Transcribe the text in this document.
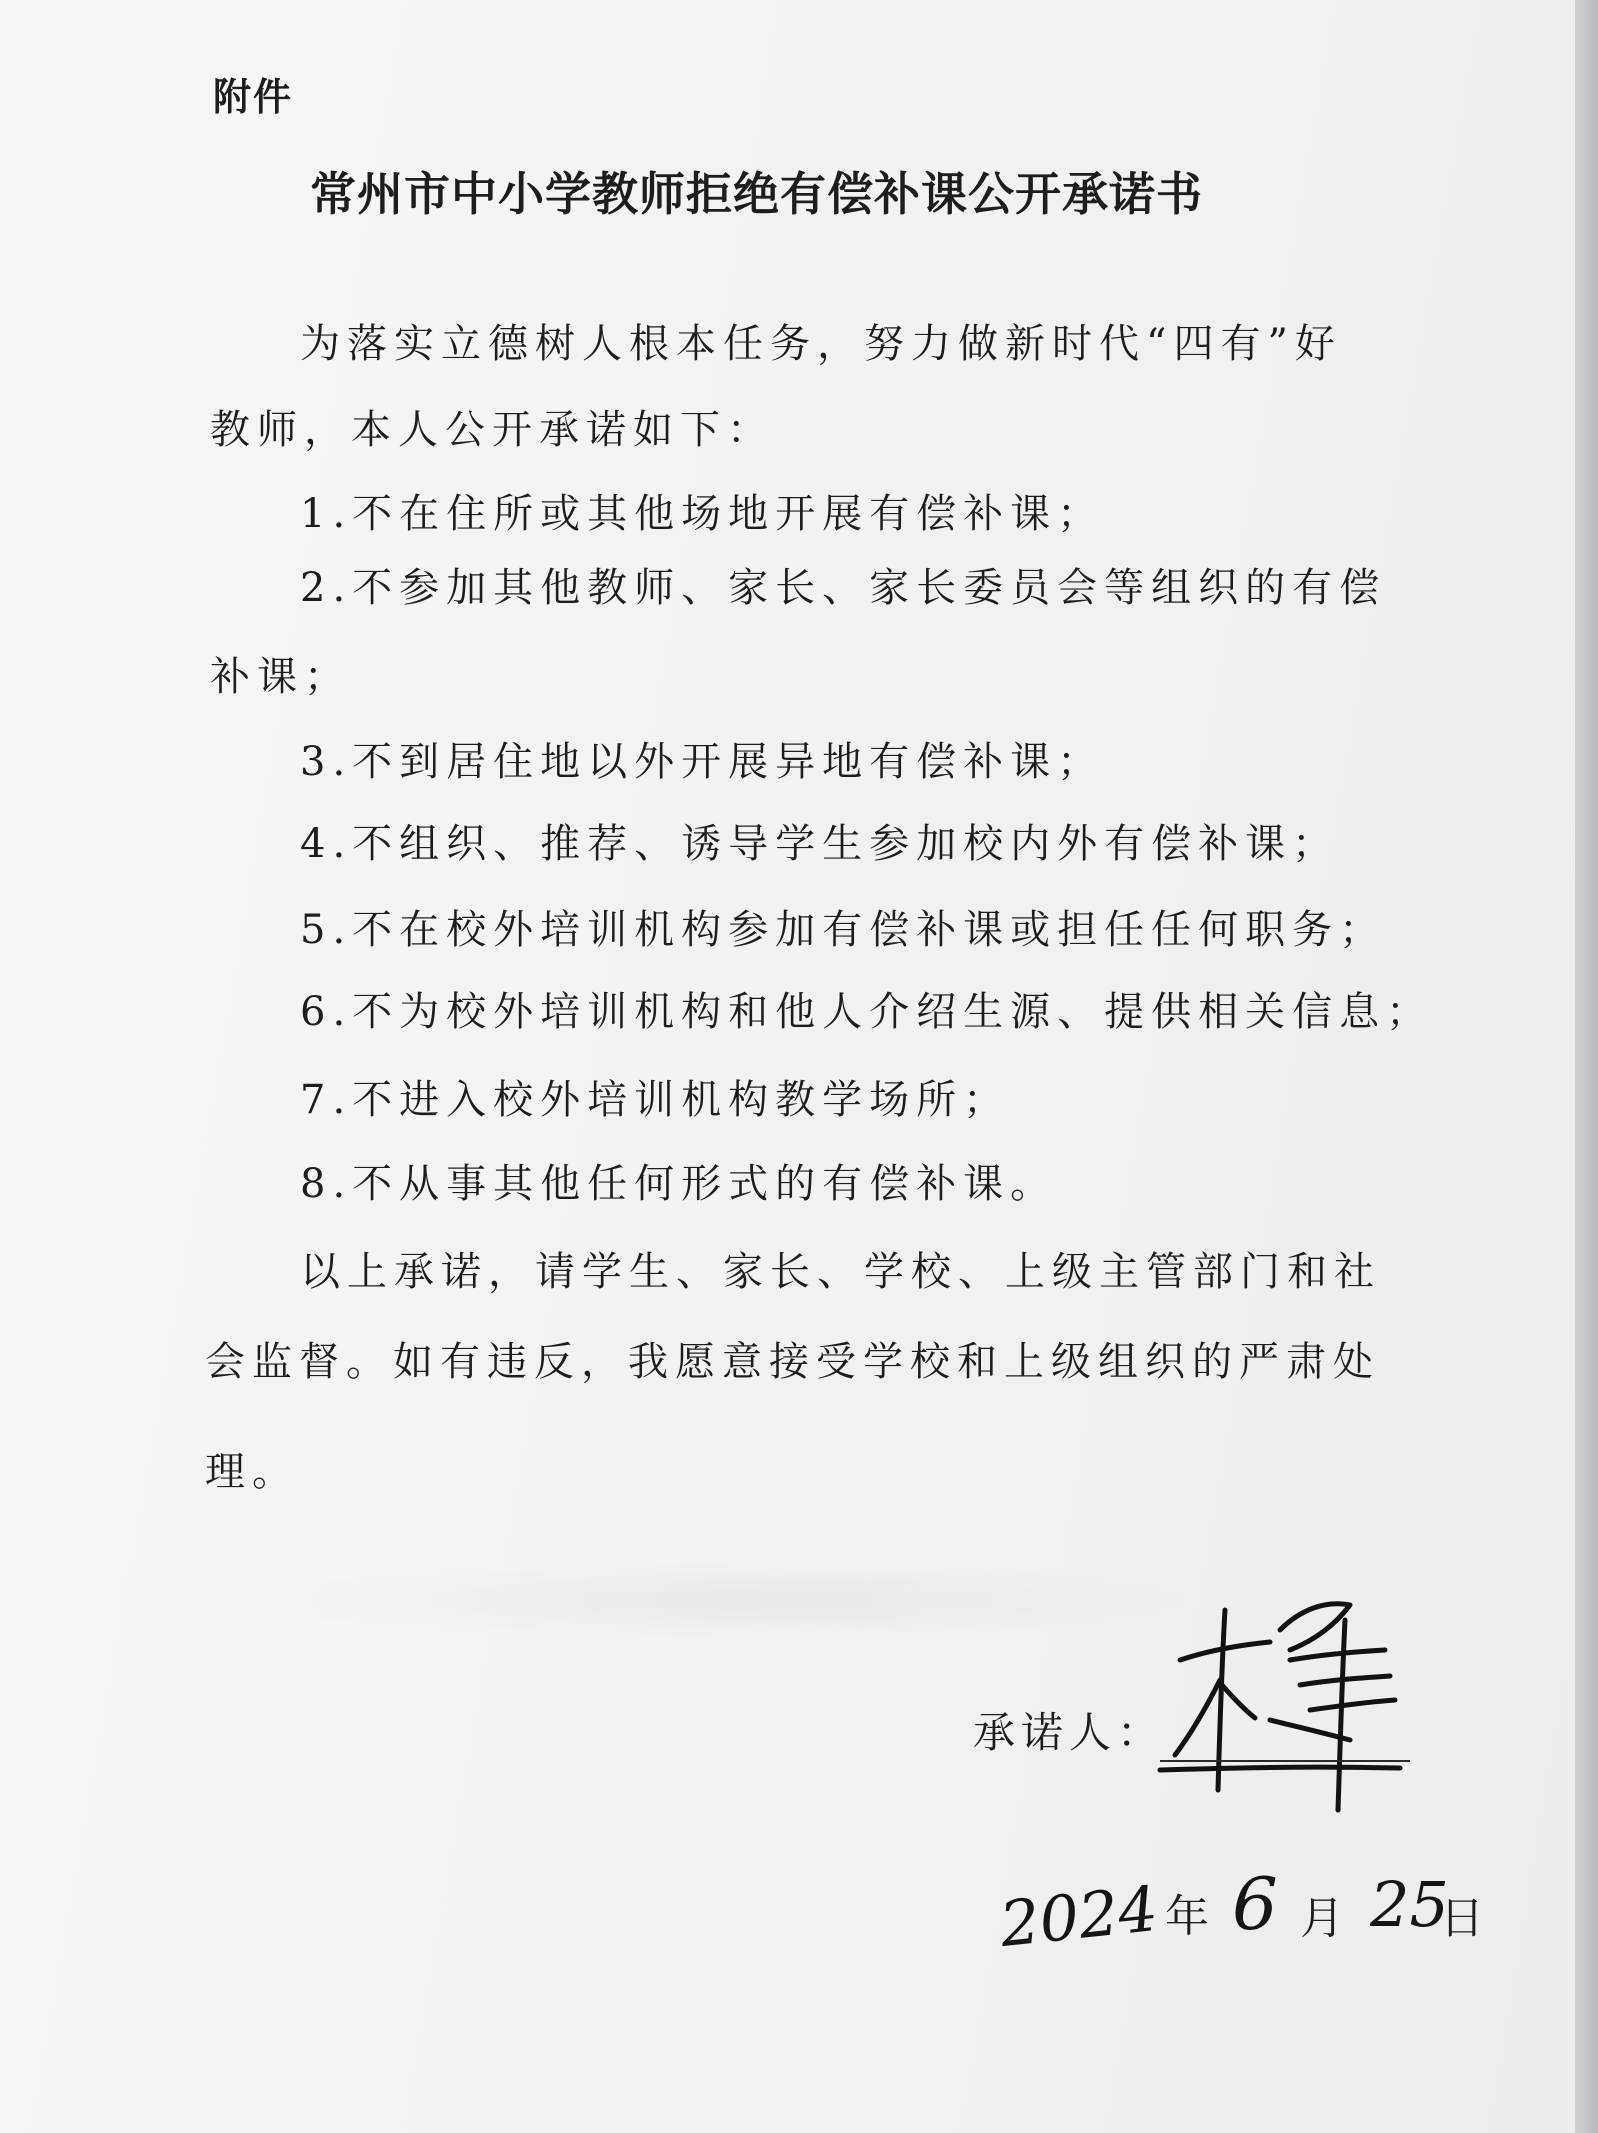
附件
常州市中小学教师拒绝有偿补课公开承诺书
为落实立德树人根本任务，努力做新时代“四有”好
教师，本人公开承诺如下：
1.不在住所或其他场地开展有偿补课；
2.不参加其他教师、家长、家长委员会等组织的有偿
补课；
3.不到居住地以外开展异地有偿补课；
4.不组织、推荐、诱导学生参加校内外有偿补课；
5.不在校外培训机构参加有偿补课或担任任何职务；
6.不为校外培训机构和他人介绍生源、提供相关信息；
7.不进入校外培训机构教学场所；
8.不从事其他任何形式的有偿补课。
以上承诺，请学生、家长、学校、上级主管部门和社
会监督。如有违反，我愿意接受学校和上级组织的严肃处
理。
承诺人：
2024 年 6 月 25
日
